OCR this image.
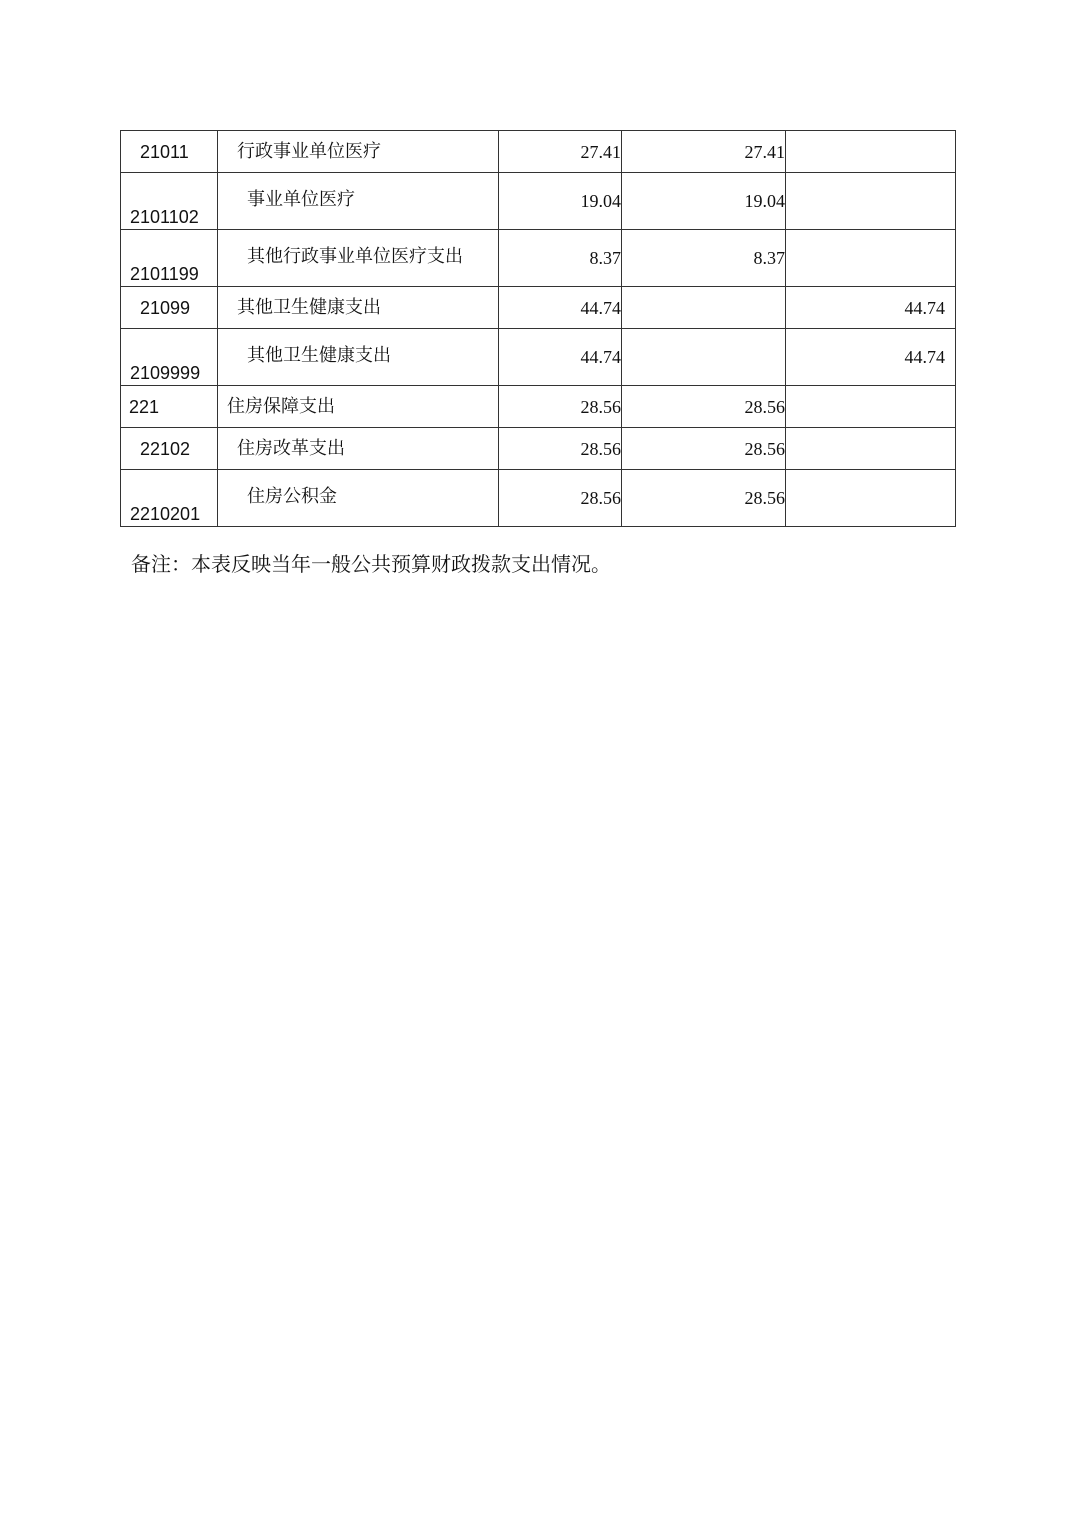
21011	行政事业单位医疗	27.41	27.41	
2101102	事业单位医疗	19.04	19.04	
2101199	其他行政事业单位医疗支出	8.37	8.37	
21099	其他卫生健康支出	44.74		44.74
2109999	其他卫生健康支出	44.74		44.74
221	住房保障支出	28.56	28.56	
22102	住房改革支出	28.56	28.56	
2210201	住房公积金	28.56	28.56	
备注：本表反映当年一般公共预算财政拨款支出情况。
